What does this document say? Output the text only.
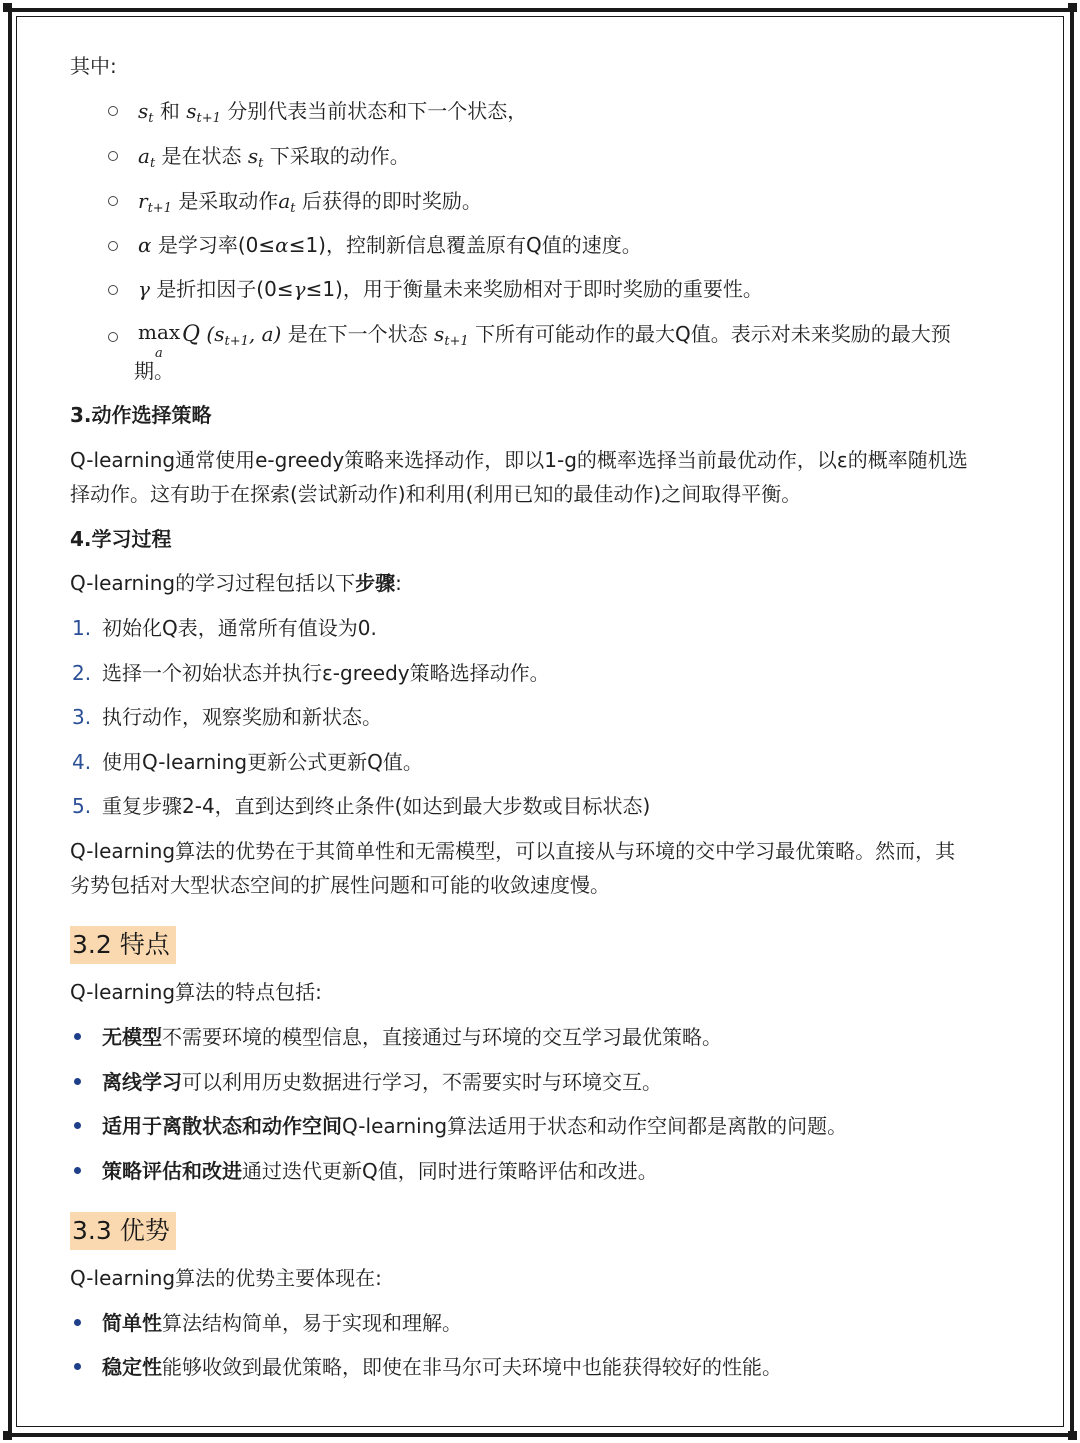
其中:
$s_t$ 和 $s_{t+1}$ 分别代表当前状态和下一个状态，
$a_t$ 是在状态 $s_t$ 下采取的动作。
$r_{t+1}$ 是采取动作$a_t$ 后获得的即时奖励。
α 是学习率(0≤α≤1)，控制新信息覆盖原有Q值的速度。
γ 是折扣因子(0≤γ≤1)，用于衡量未来奖励相对于即时奖励的重要性。
max
a
Q ($s_{t+1}$, a) 是在下一个状态 $s_{t+1}$ 下所有可能动作的最大Q值。表示对未来奖励的最大预
期。
3.动作选择策略
Q-learning通常使用e-greedy策略来选择动作，即以1-g的概率选择当前最优动作，以ε的概率随机选
择动作。这有助于在探索(尝试新动作)和利用(利用已知的最佳动作)之间取得平衡。
4.学习过程
Q-learning的学习过程包括以下步骤:
1. 初始化Q表，通常所有值设为0.
2. 选择一个初始状态并执行ε-greedy策略选择动作。
3. 执行动作，观察奖励和新状态。
4. 使用Q-learning更新公式更新Q值。
5. 重复步骤2-4，直到达到终止条件(如达到最大步数或目标状态)
Q-learning算法的优势在于其简单性和无需模型，可以直接从与环境的交中学习最优策略。然而，其
劣势包括对大型状态空间的扩展性问题和可能的收敛速度慢。
3.2 特点
Q-learning算法的特点包括:
无模型不需要环境的模型信息，直接通过与环境的交互学习最优策略。
离线学习可以利用历史数据进行学习，不需要实时与环境交互。
适用于离散状态和动作空间Q-learning算法适用于状态和动作空间都是离散的问题。
策略评估和改进通过迭代更新Q值，同时进行策略评估和改进。
3.3 优势
Q-learning算法的优势主要体现在:
简单性算法结构简单，易于实现和理解。
稳定性能够收敛到最优策略，即使在非马尔可夫环境中也能获得较好的性能。
